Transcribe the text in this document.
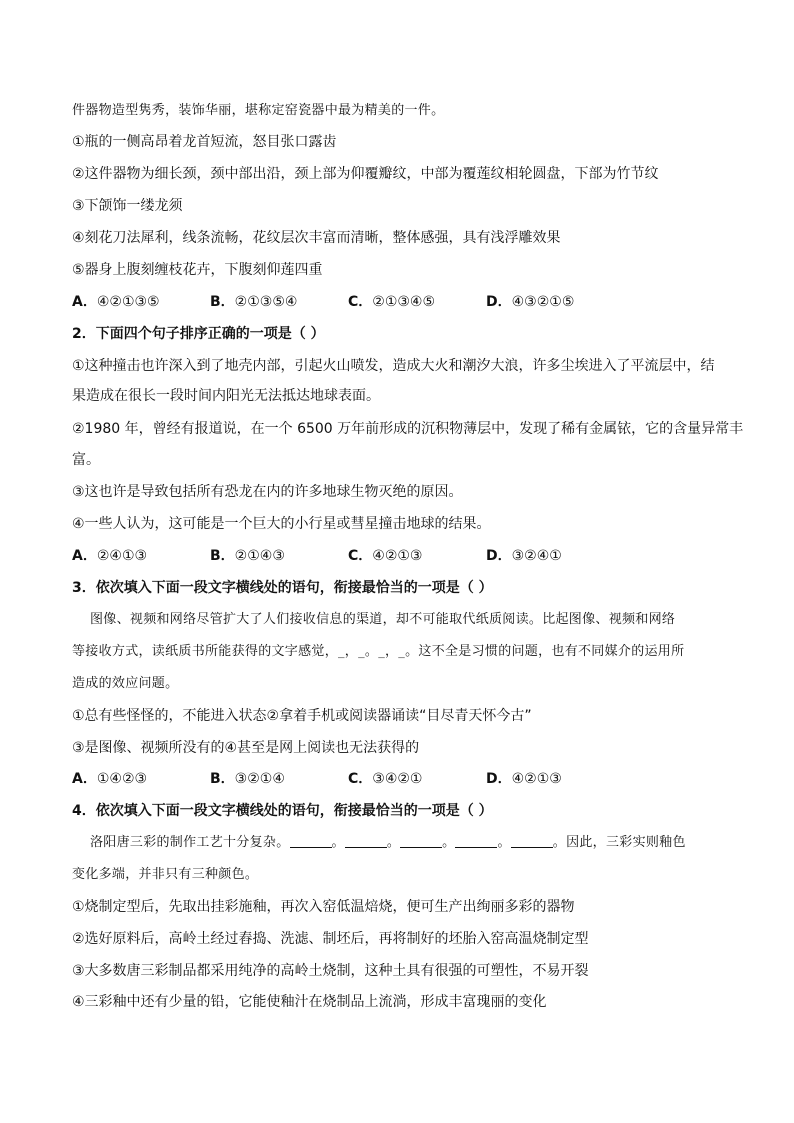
件器物造型隽秀，装饰华丽，堪称定窑瓷器中最为精美的一件。
①瓶的一侧高昂着龙首短流，怒目张口露齿
②这件器物为细长颈，颈中部出沿，颈上部为仰覆瓣纹，中部为覆莲纹相轮圆盘，下部为竹节纹
③下颌饰一缕龙须
④刻花刀法犀利，线条流畅，花纹层次丰富而清晰，整体感强，具有浅浮雕效果
⑤器身上腹刻缠枝花卉，下腹刻仰莲四重
A．④②①③⑤	B．②①③⑤④	C．②①③④⑤	D．④③②①⑤
2．下面四个句子排序正确的一项是（ ）
①这种撞击也许深入到了地壳内部，引起火山喷发，造成大火和潮汐大浪，许多尘埃进入了平流层中，结
果造成在很长一段时间内阳光无法抵达地球表面。
②1980 年，曾经有报道说，在一个 6500 万年前形成的沉积物薄层中，发现了稀有金属铱，它的含量异常丰
富。
③这也许是导致包括所有恐龙在内的许多地球生物灭绝的原因。
④一些人认为，这可能是一个巨大的小行星或彗星撞击地球的结果。
A．②④①③	B．②①④③	C．④②①③	D．③②④①
3．依次填入下面一段文字横线处的语句，衔接最恰当的一项是（ ）
图像、视频和网络尽管扩大了人们接收信息的渠道，却不可能取代纸质阅读。比起图像、视频和网络
等接收方式，读纸质书所能获得的文字感觉，_，_。_，_。这不全是习惯的问题，也有不同媒介的运用所
造成的效应问题。
①总有些怪怪的，不能进入状态②拿着手机或阅读器诵读“目尽青天怀今古”
③是图像、视频所没有的④甚至是网上阅读也无法获得的
A．①④②③	B．③②①④	C．③④②①	D．④②①③
4．依次填入下面一段文字横线处的语句，衔接最恰当的一项是（ ）
洛阳唐三彩的制作工艺十分复杂。	。	。	。	。	。因此，三彩实则釉色
变化多端，并非只有三种颜色。
①烧制定型后，先取出挂彩施釉，再次入窑低温焙烧，便可生产出绚丽多彩的器物
②选好原料后，高岭土经过舂捣、洗滤、制坯后，再将制好的坯胎入窑高温烧制定型
③大多数唐三彩制品都采用纯净的高岭土烧制，这种土具有很强的可塑性，不易开裂
④三彩釉中还有少量的铅，它能使釉汁在烧制品上流淌，形成丰富瑰丽的变化
